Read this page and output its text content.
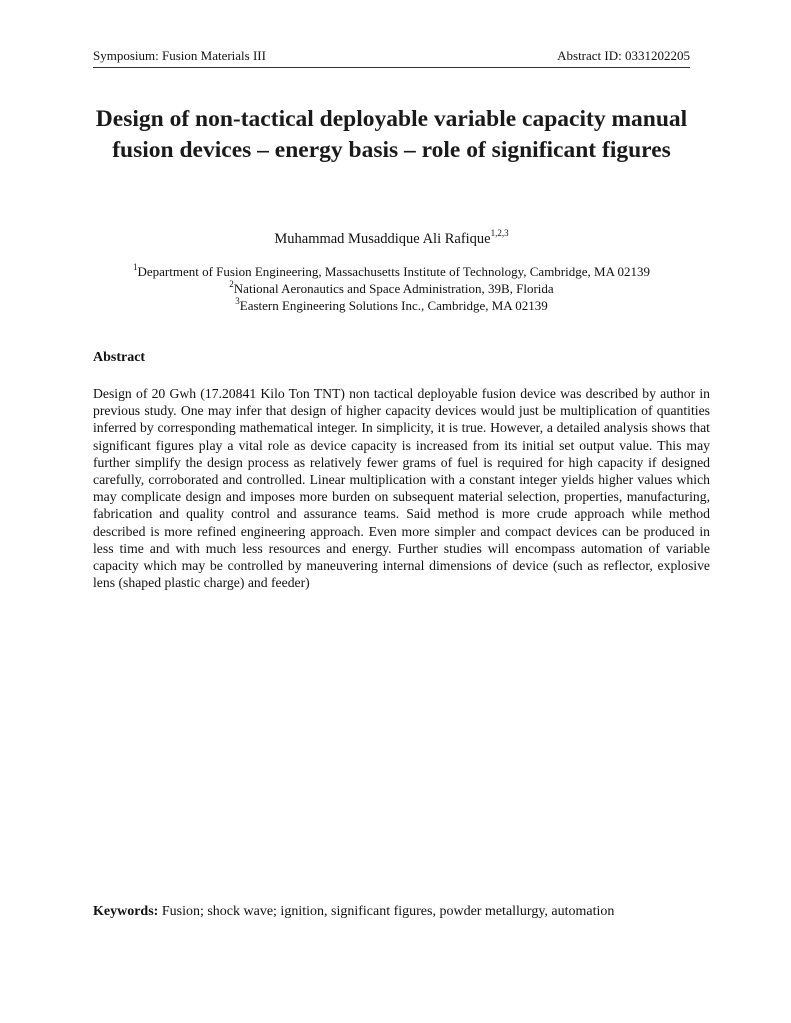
Symposium: Fusion Materials III	Abstract ID: 0331202205
Design of non-tactical deployable variable capacity manual fusion devices – energy basis – role of significant figures
Muhammad Musaddique Ali Rafique$^{1,2,3}$
$^1$Department of Fusion Engineering, Massachusetts Institute of Technology, Cambridge, MA 02139
$^2$National Aeronautics and Space Administration, 39B, Florida
$^3$Eastern Engineering Solutions Inc., Cambridge, MA 02139
Abstract

Design of 20 Gwh (17.20841 Kilo Ton TNT) non tactical deployable fusion device was described by author in previous study. One may infer that design of higher capacity devices would just be multiplication of quantities inferred by corresponding mathematical integer. In simplicity, it is true. However, a detailed analysis shows that significant figures play a vital role as device capacity is increased from its initial set output value. This may further simplify the design process as relatively fewer grams of fuel is required for high capacity if designed carefully, corroborated and controlled. Linear multiplication with a constant integer yields higher values which may complicate design and imposes more burden on subsequent material selection, properties, manufacturing, fabrication and quality control and assurance teams. Said method is more crude approach while method described is more refined engineering approach. Even more simpler and compact devices can be produced in less time and with much less resources and energy. Further studies will encompass automation of variable capacity which may be controlled by maneuvering internal dimensions of device (such as reflector, explosive lens (shaped plastic charge) and feeder)

Keywords: Fusion; shock wave; ignition, significant figures, powder metallurgy, automation
